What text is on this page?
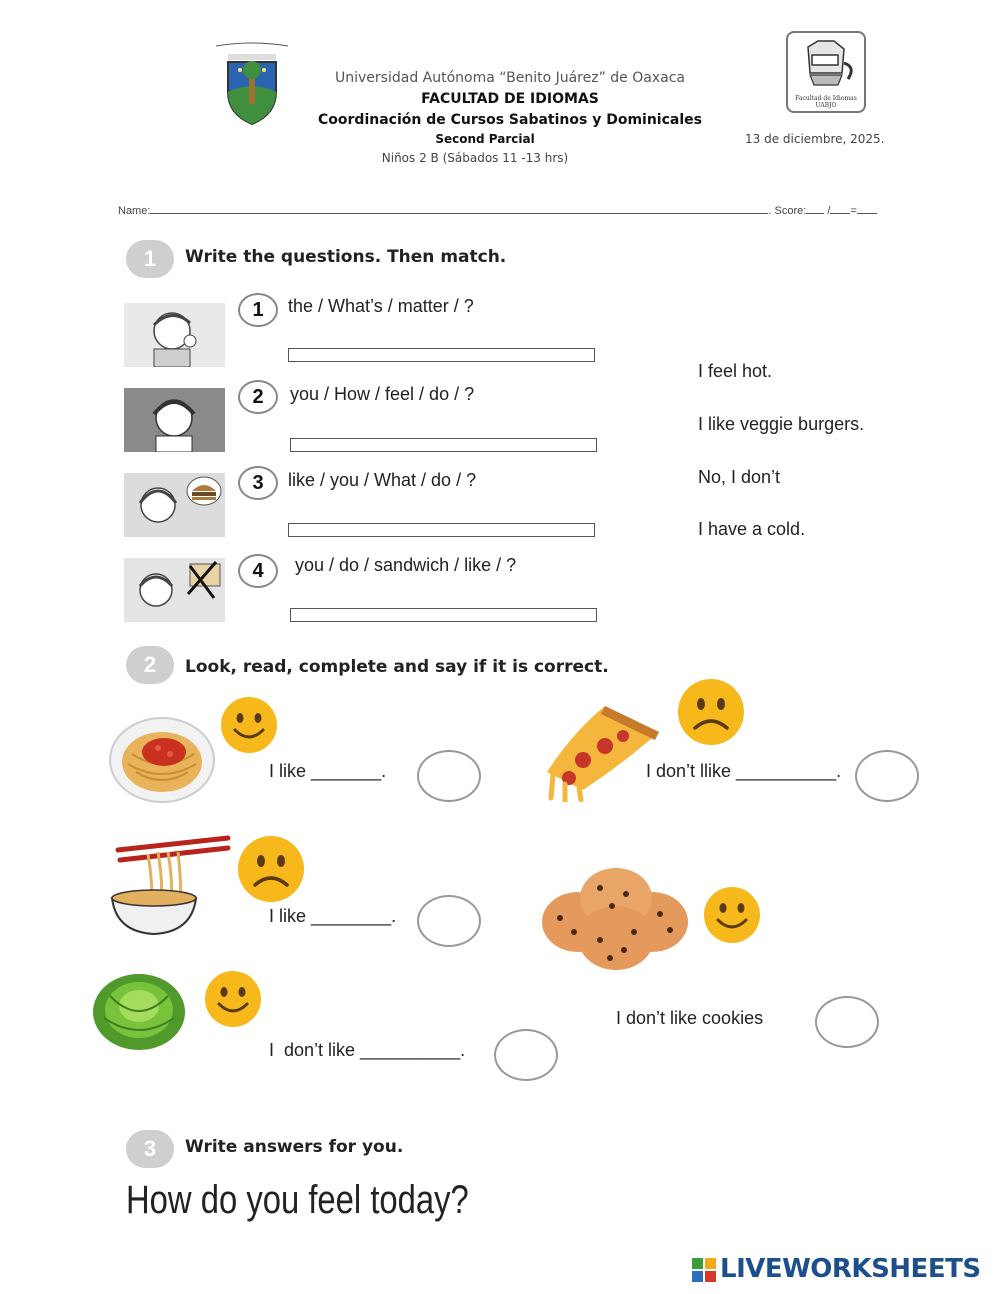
Universidad Autónoma “Benito Juárez” de Oaxaca
FACULTAD DE IDIOMAS
Coordinación de Cursos Sabatinos y Dominicales
Second Parcial
Niños 2 B (Sábados 11 -13 hrs)
Facultad de Idiomas UABJO
13 de diciembre, 2025.
Name:	. Score: / =
1	Write the questions. Then match.
1
2
3
4
the / What’s / matter / ?
you / How / feel / do / ?
like / you / What / do / ?
you / do / sandwich / like / ?
I feel hot.
I like veggie burgers.
No, I don’t
I have a cold.
2	Look, read, complete and say if it is correct.
I like _______.	I don’t llike __________.
I like ________.
I  don’t like __________.
I don’t like cookies
3	Write answers for you.
How do you feel today?
LIVEWORKSHEETS
